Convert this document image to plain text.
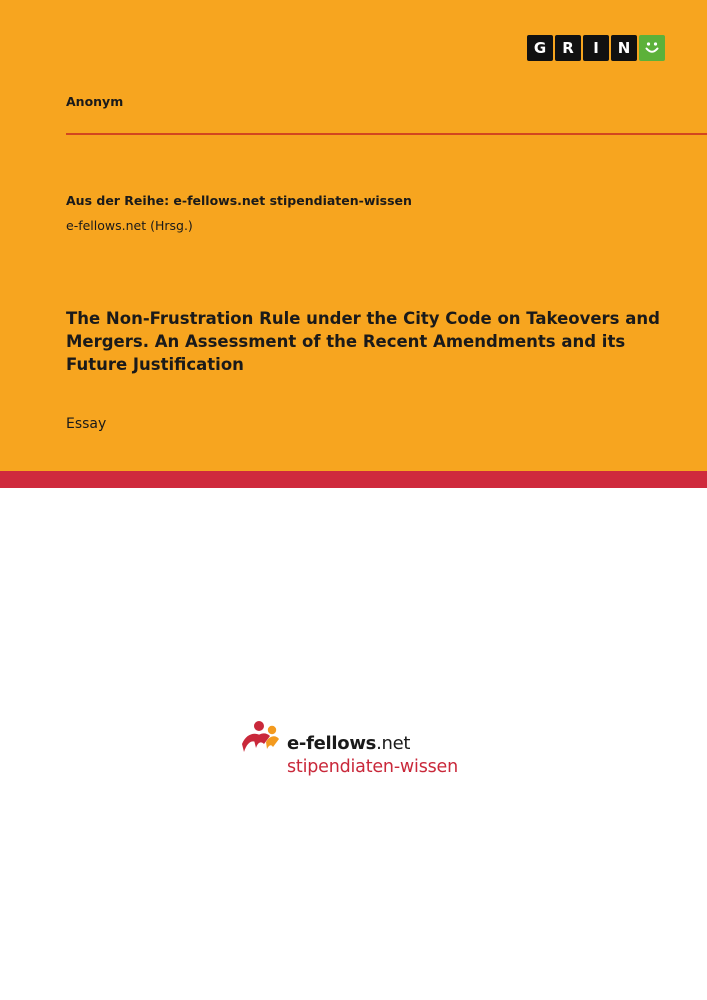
G	R	I	N

Anonym

Aus der Reihe: e-fellows.net stipendiaten-wissen

e-fellows.net (Hrsg.)

The Non-Frustration Rule under the City Code on Takeovers and Mergers. An Assessment of the Recent Amendments and its Future Justification

Essay

e-fellows.net
stipendiaten-wissen
